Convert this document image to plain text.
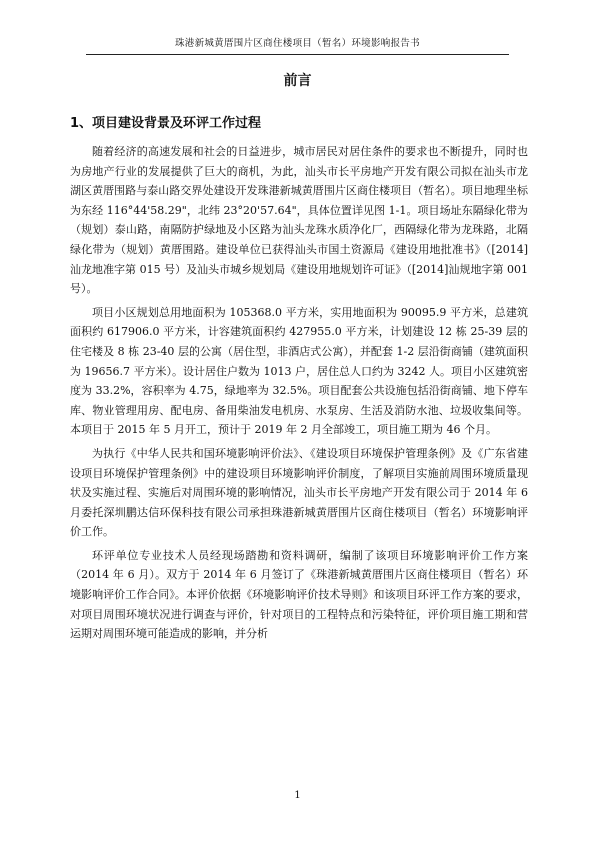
珠港新城黄厝围片区商住楼项目（暂名）环境影响报告书
前言
1、项目建设背景及环评工作过程

随着经济的高速发展和社会的日益进步，城市居民对居住条件的要求也不断提升，同时也为房地产行业的发展提供了巨大的商机，为此，汕头市长平房地产开发有限公司拟在汕头市龙湖区黄厝围路与泰山路交界处建设开发珠港新城黄厝围片区商住楼项目（暂名）。项目地理坐标为东经 116°44'58.29"，北纬 23°20'57.64"，具体位置详见图 1-1。项目场址东隔绿化带为（规划）泰山路，南隔防护绿地及小区路为汕头龙珠水质净化厂，西隔绿化带为龙珠路，北隔绿化带为（规划）黄厝围路。建设单位已获得汕头市国土资源局《建设用地批准书》（[2014]汕龙地准字第 015 号）及汕头市城乡规划局《建设用地规划许可证》（[2014]汕规地字第 001 号）。

项目小区规划总用地面积为 105368.0 平方米，实用地面积为 90095.9 平方米，总建筑面积约 617906.0 平方米，计容建筑面积约 427955.0 平方米，计划建设 12 栋 25-39 层的住宅楼及 8 栋 23-40 层的公寓（居住型，非酒店式公寓），并配套 1-2 层沿街商铺（建筑面积为 19656.7 平方米）。设计居住户数为 1013 户，居住总人口约为 3242 人。项目小区建筑密度为 33.2%，容积率为 4.75，绿地率为 32.5%。项目配套公共设施包括沿街商铺、地下停车库、物业管理用房、配电房、备用柴油发电机房、水泵房、生活及消防水池、垃圾收集间等。本项目于 2015 年 5 月开工，预计于 2019 年 2 月全部竣工，项目施工期为 46 个月。

为执行《中华人民共和国环境影响评价法》、《建设项目环境保护管理条例》及《广东省建设项目环境保护管理条例》中的建设项目环境影响评价制度，了解项目实施前周围环境质量现状及实施过程、实施后对周围环境的影响情况，汕头市长平房地产开发有限公司于 2014 年 6 月委托深圳鹏达信环保科技有限公司承担珠港新城黄厝围片区商住楼项目（暂名）环境影响评价工作。

环评单位专业技术人员经现场踏勘和资料调研，编制了该项目环境影响评价工作方案（2014 年 6 月）。双方于 2014 年 6 月签订了《珠港新城黄厝围片区商住楼项目（暂名）环境影响评价工作合同》。本评价依据《环境影响评价技术导则》和该项目环评工作方案的要求，对项目周围环境状况进行调查与评价，针对项目的工程特点和污染特征，评价项目施工期和营运期对周围环境可能造成的影响，并分析

1
